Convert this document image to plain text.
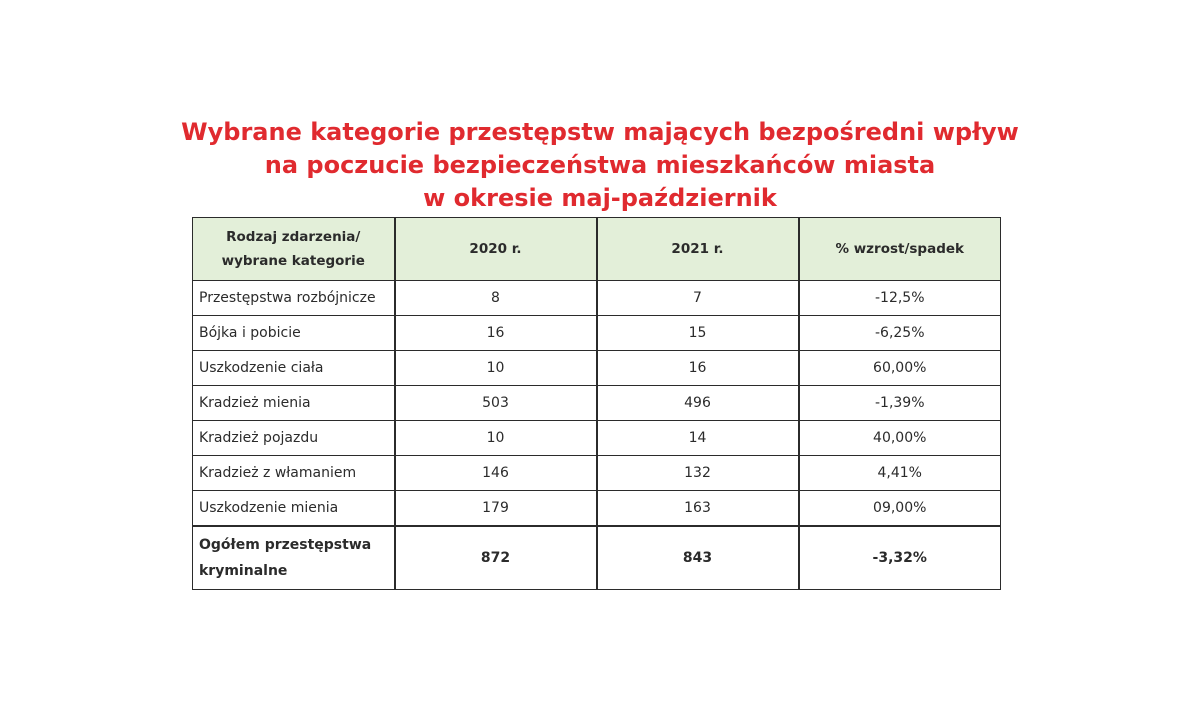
Wybrane kategorie przestępstw mających bezpośredni wpływ
na poczucie bezpieczeństwa mieszkańców miasta
w okresie maj-październik
Rodzaj zdarzenia/ wybrane kategorie	2020 r.	2021 r.	% wzrost/spadek
Przestępstwa rozbójnicze	8	7	-12,5%
Bójka i pobicie	16	15	-6,25%
Uszkodzenie ciała	10	16	60,00%
Kradzież mienia	503	496	-1,39%
Kradzież pojazdu	10	14	40,00%
Kradzież z włamaniem	146	132	4,41%
Uszkodzenie mienia	179	163	09,00%
Ogółem przestępstwa kryminalne	872	843	-3,32%
